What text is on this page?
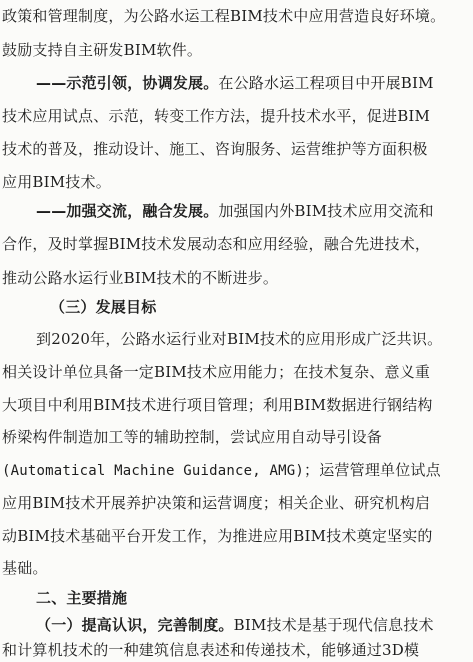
政策和管理制度，为公路水运工程BIM技术中应用营造良好环境。
鼓励支持自主研发BIM软件。
——示范引领，协调发展。在公路水运工程项目中开展BIM
技术应用试点、示范，转变工作方法，提升技术水平，促进BIM
技术的普及，推动设计、施工、咨询服务、运营维护等方面积极
应用BIM技术。
——加强交流，融合发展。加强国内外BIM技术应用交流和
合作，及时掌握BIM技术发展动态和应用经验，融合先进技术，
推动公路水运行业BIM技术的不断进步。
（三）发展目标
到2020年，公路水运行业对BIM技术的应用形成广泛共识。
相关设计单位具备一定BIM技术应用能力；在技术复杂、意义重
大项目中利用BIM技术进行项目管理；利用BIM数据进行钢结构
桥梁构件制造加工等的辅助控制，尝试应用自动导引设备
(Automatical Machine Guidance, AMG)；运营管理单位试点
应用BIM技术开展养护决策和运营调度；相关企业、研究机构启
动BIM技术基础平台开发工作，为推进应用BIM技术奠定坚实的
基础。
二、主要措施
（一）提高认识，完善制度。BIM技术是基于现代信息技术
和计算机技术的一种建筑信息表述和传递技术，能够通过3D模
